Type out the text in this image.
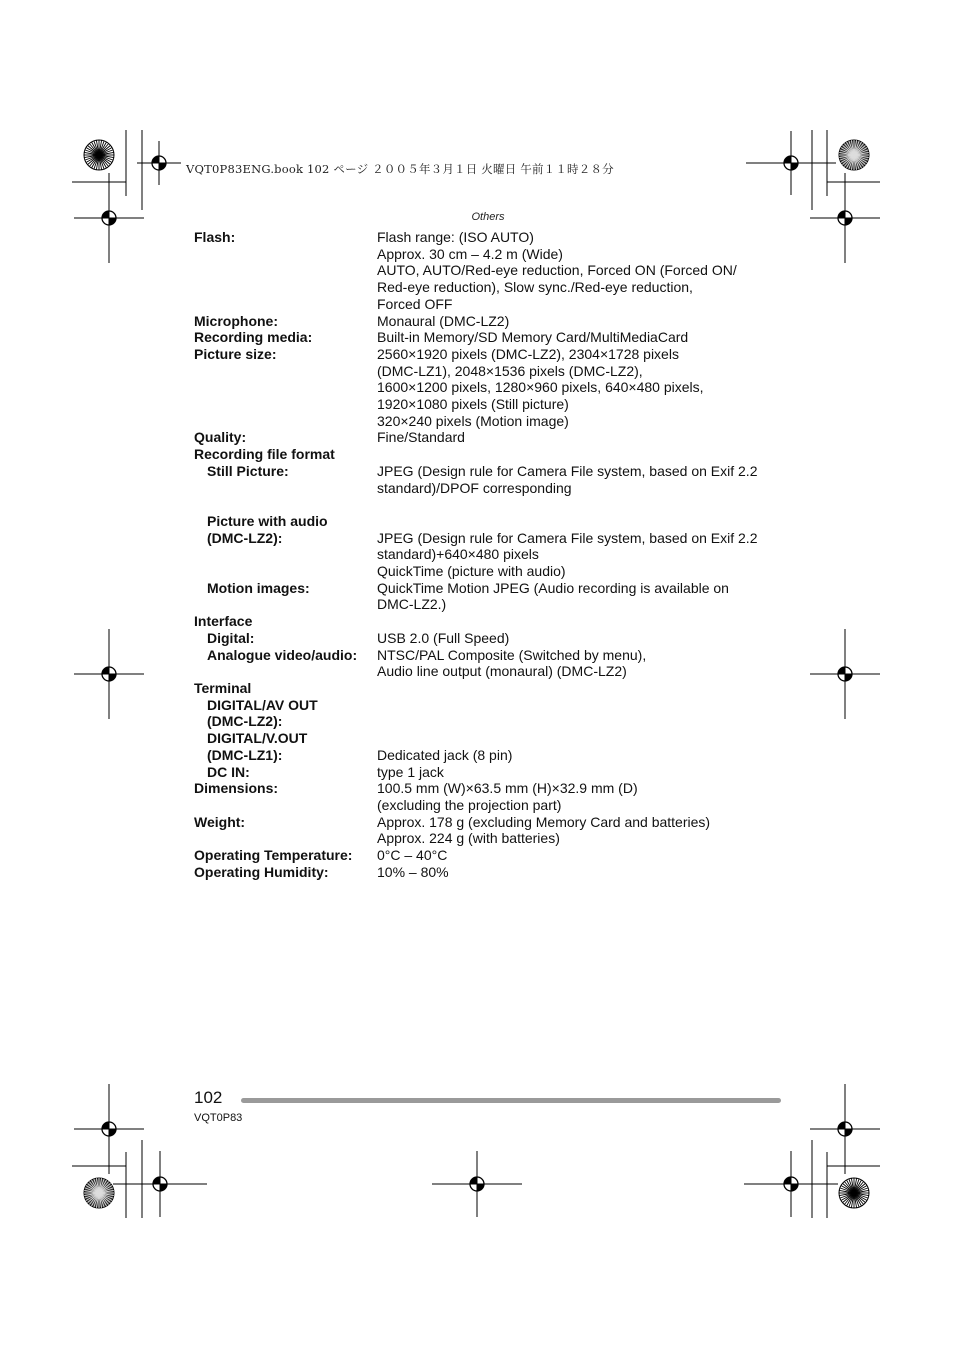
VQT0P83ENG.book 102 ページ ２００５年３月１日 火曜日 午前１１時２８分
Others
Flash:	Flash range: (ISO AUTO)
Approx. 30 cm – 4.2 m (Wide)
AUTO, AUTO/Red-eye reduction, Forced ON (Forced ON/
Red-eye reduction), Slow sync./Red-eye reduction,
Forced OFF
Microphone:	Monaural (DMC-LZ2)
Recording media:	Built-in Memory/SD Memory Card/MultiMediaCard
Picture size:	2560×1920 pixels (DMC-LZ2), 2304×1728 pixels
(DMC-LZ1), 2048×1536 pixels (DMC-LZ2),
1600×1200 pixels, 1280×960 pixels, 640×480 pixels,
1920×1080 pixels (Still picture)
320×240 pixels (Motion image)
Quality:	Fine/Standard
Recording file format
Still Picture:	JPEG (Design rule for Camera File system, based on Exif 2.2
standard)/DPOF corresponding

Picture with audio
(DMC-LZ2):	JPEG (Design rule for Camera File system, based on Exif 2.2
standard)+640×480 pixels
QuickTime (picture with audio)
Motion images:	QuickTime Motion JPEG (Audio recording is available on
DMC-LZ2.)
Interface
Digital:	USB 2.0 (Full Speed)
Analogue video/audio:	NTSC/PAL Composite (Switched by menu),
Audio line output (monaural) (DMC-LZ2)
Terminal
DIGITAL/AV OUT
(DMC-LZ2):
DIGITAL/V.OUT
(DMC-LZ1):	Dedicated jack (8 pin)
DC IN:	type 1 jack
Dimensions:	100.5 mm (W)×63.5 mm (H)×32.9 mm (D)
(excluding the projection part)
Weight:	Approx. 178 g (excluding Memory Card and batteries)
Approx. 224 g (with batteries)
Operating Temperature:	0°C – 40°C
Operating Humidity:	10% – 80%
102
VQT0P83
